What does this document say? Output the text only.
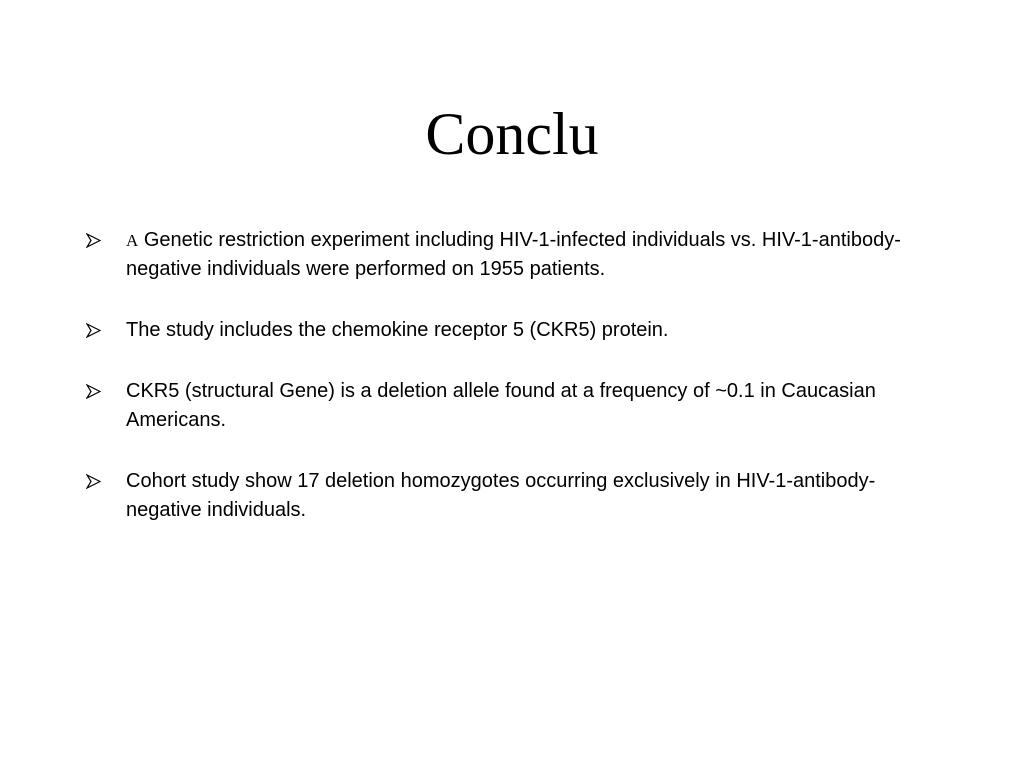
Conclu
A Genetic restriction experiment including HIV-1-infected individuals vs. HIV-1-antibody-negative individuals were performed on 1955 patients.
The study includes the chemokine receptor 5 (CKR5) protein.
CKR5 (structural Gene) is a deletion allele found at a frequency of ~0.1 in Caucasian Americans.
Cohort study show 17 deletion homozygotes occurring exclusively in HIV-1-antibody-negative individuals.
